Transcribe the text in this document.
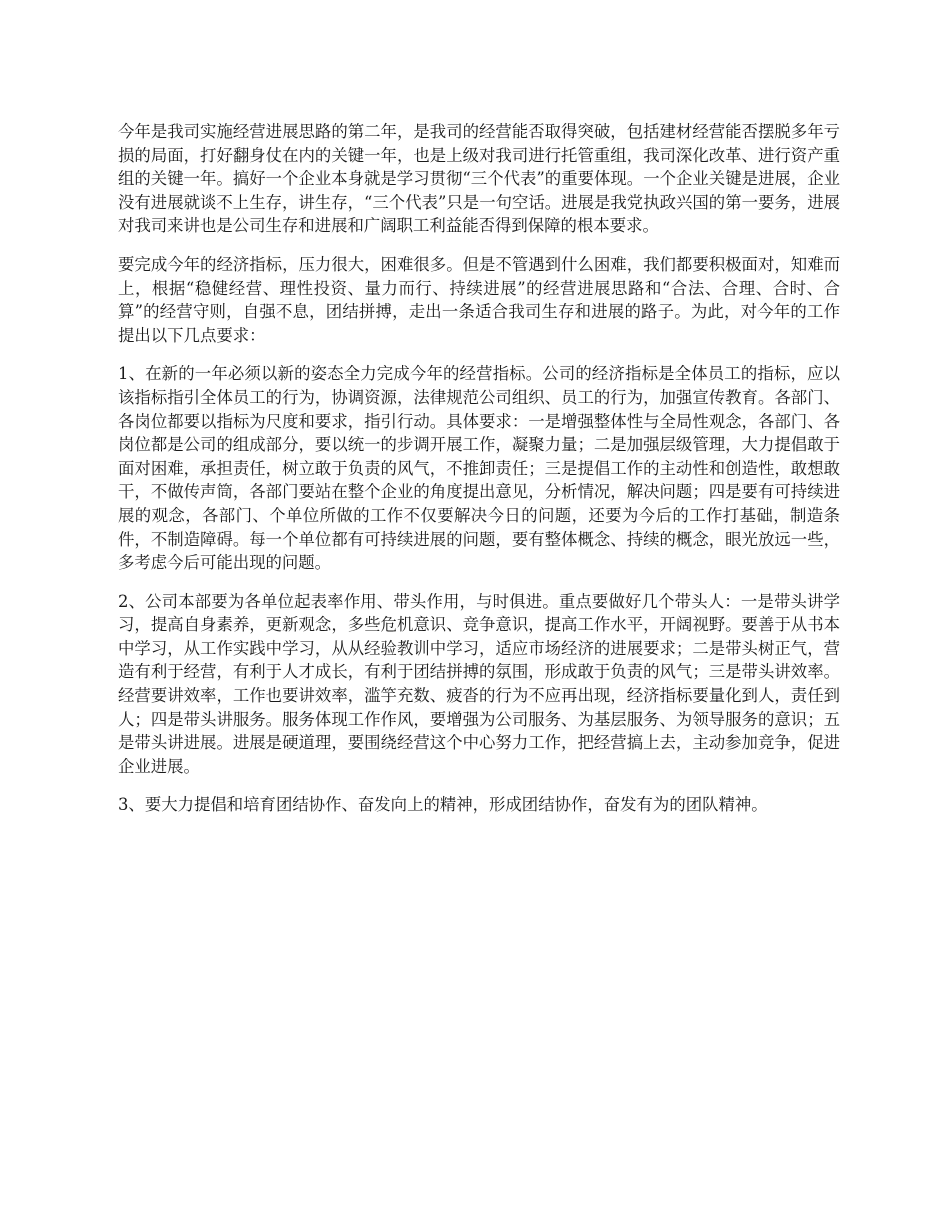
今年是我司实施经营进展思路的第二年，是我司的经营能否取得突破，包括建材经营能否摆脱多年亏损的局面，打好翻身仗在内的关键一年，也是上级对我司进行托管重组，我司深化改革、进行资产重组的关键一年。搞好一个企业本身就是学习贯彻“三个代表”的重要体现。一个企业关键是进展，企业没有进展就谈不上生存，讲生存，“三个代表”只是一句空话。进展是我党执政兴国的第一要务，进展对我司来讲也是公司生存和进展和广阔职工利益能否得到保障的根本要求。

要完成今年的经济指标，压力很大，困难很多。但是不管遇到什么困难，我们都要积极面对，知难而上，根据“稳健经营、理性投资、量力而行、持续进展”的经营进展思路和“合法、合理、合时、合算”的经营守则，自强不息，团结拼搏，走出一条适合我司生存和进展的路子。为此，对今年的工作提出以下几点要求：

1、在新的一年必须以新的姿态全力完成今年的经营指标。公司的经济指标是全体员工的指标，应以该指标指引全体员工的行为，协调资源，法律规范公司组织、员工的行为，加强宣传教育。各部门、各岗位都要以指标为尺度和要求，指引行动。具体要求：一是增强整体性与全局性观念，各部门、各岗位都是公司的组成部分，要以统一的步调开展工作，凝聚力量；二是加强层级管理，大力提倡敢于面对困难，承担责任，树立敢于负责的风气，不推卸责任；三是提倡工作的主动性和创造性，敢想敢干，不做传声筒，各部门要站在整个企业的角度提出意见，分析情况，解决问题；四是要有可持续进展的观念，各部门、个单位所做的工作不仅要解决今日的问题，还要为今后的工作打基础，制造条件，不制造障碍。每一个单位都有可持续进展的问题，要有整体概念、持续的概念，眼光放远一些，多考虑今后可能出现的问题。

2、公司本部要为各单位起表率作用、带头作用，与时俱进。重点要做好几个带头人：一是带头讲学习，提高自身素养，更新观念，多些危机意识、竞争意识，提高工作水平，开阔视野。要善于从书本中学习，从工作实践中学习，从从经验教训中学习，适应市场经济的进展要求；二是带头树正气，营造有利于经营，有利于人才成长，有利于团结拼搏的氛围，形成敢于负责的风气；三是带头讲效率。经营要讲效率，工作也要讲效率，滥竽充数、疲沓的行为不应再出现，经济指标要量化到人，责任到人；四是带头讲服务。服务体现工作作风，要增强为公司服务、为基层服务、为领导服务的意识；五是带头讲进展。进展是硬道理，要围绕经营这个中心努力工作，把经营搞上去，主动参加竞争，促进企业进展。

3、要大力提倡和培育团结协作、奋发向上的精神，形成团结协作，奋发有为的团队精神。
